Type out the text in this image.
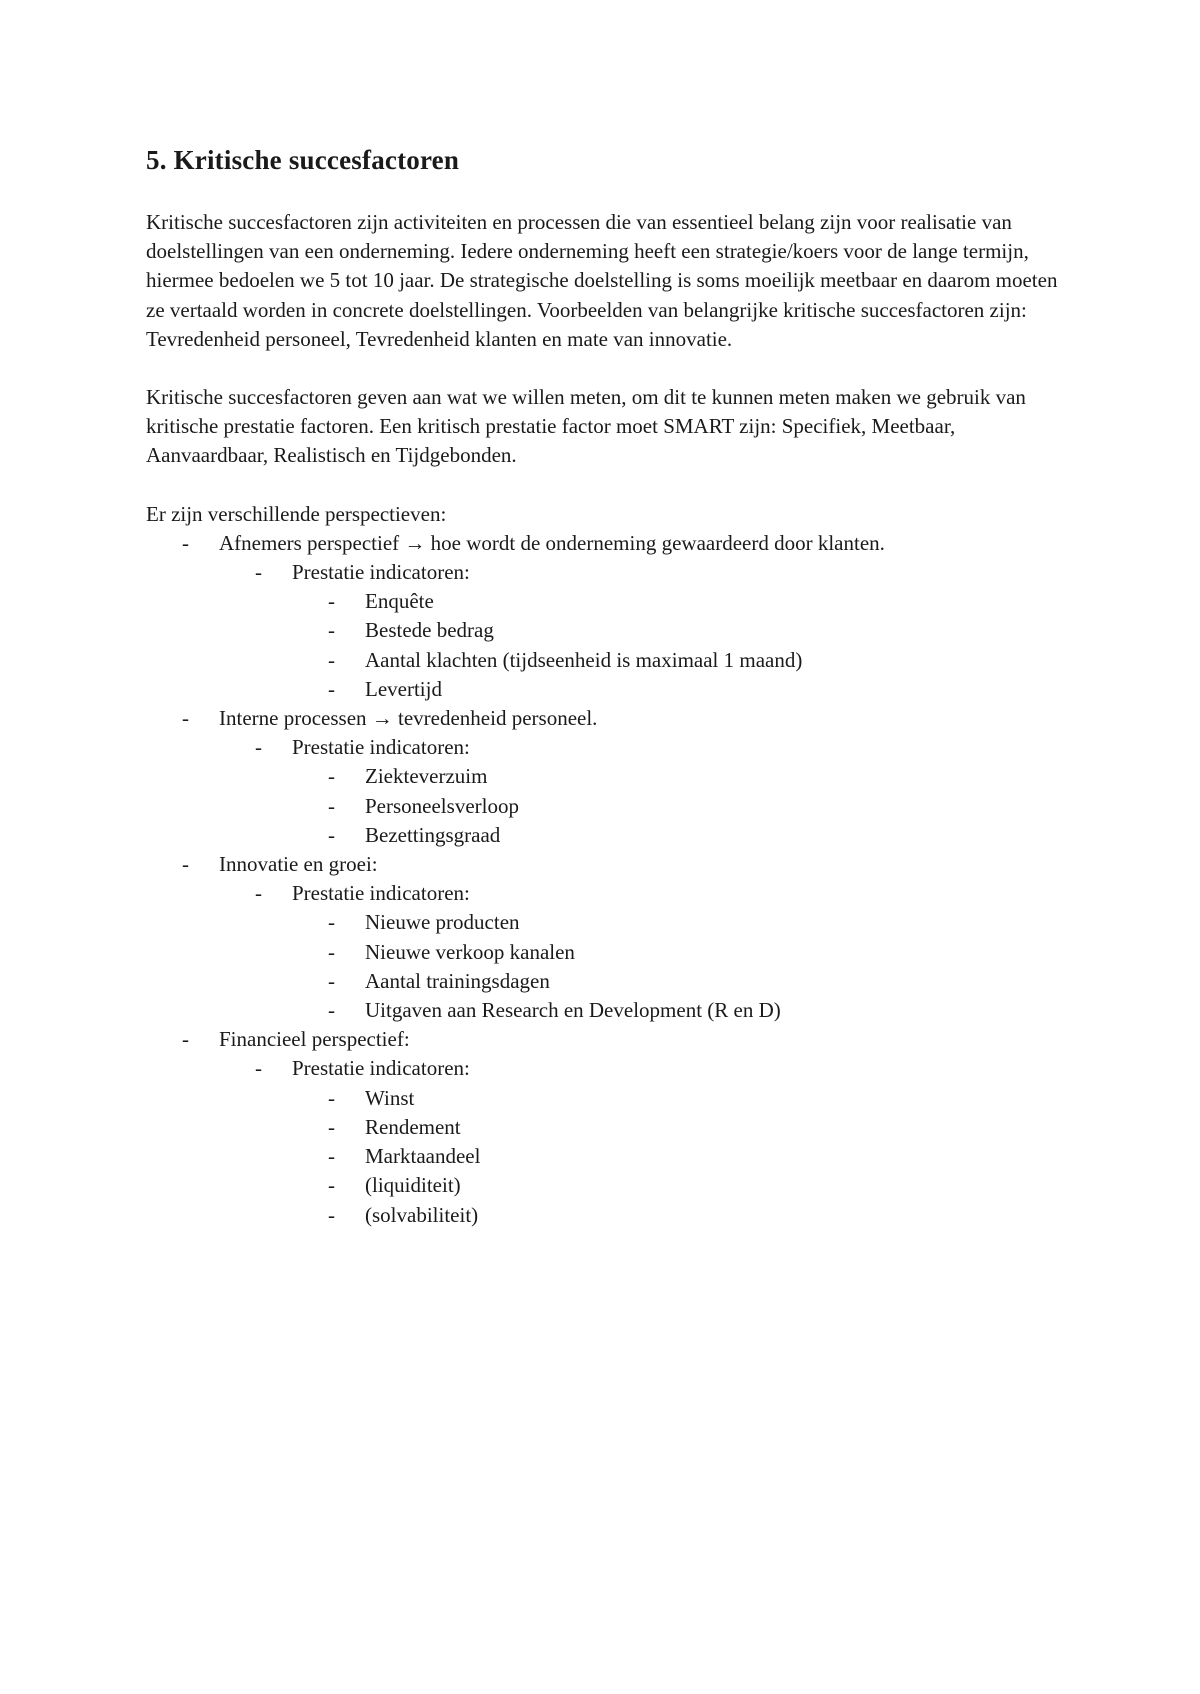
5. Kritische succesfactoren

Kritische succesfactoren zijn activiteiten en processen die van essentieel belang zijn voor realisatie van doelstellingen van een onderneming. Iedere onderneming heeft een strategie/koers voor de lange termijn, hiermee bedoelen we 5 tot 10 jaar. De strategische doelstelling is soms moeilijk meetbaar en daarom moeten ze vertaald worden in concrete doelstellingen. Voorbeelden van belangrijke kritische succesfactoren zijn: Tevredenheid personeel, Tevredenheid klanten en mate van innovatie.

Kritische succesfactoren geven aan wat we willen meten, om dit te kunnen meten maken we gebruik van kritische prestatie factoren. Een kritisch prestatie factor moet SMART zijn: Specifiek, Meetbaar, Aanvaardbaar, Realistisch en Tijdgebonden.

Er zijn verschillende perspectieven:

- Afnemers perspectief → hoe wordt de onderneming gewaardeerd door klanten.
- Prestatie indicatoren:
- Enquête
- Bestede bedrag
- Aantal klachten (tijdseenheid is maximaal 1 maand)
- Levertijd
- Interne processen → tevredenheid personeel.
- Prestatie indicatoren:
- Ziekteverzuim
- Personeelsverloop
- Bezettingsgraad
- Innovatie en groei:
- Prestatie indicatoren:
- Nieuwe producten
- Nieuwe verkoop kanalen
- Aantal trainingsdagen
- Uitgaven aan Research en Development (R en D)
- Financieel perspectief:
- Prestatie indicatoren:
- Winst
- Rendement
- Marktaandeel
- (liquiditeit)
- (solvabiliteit)
